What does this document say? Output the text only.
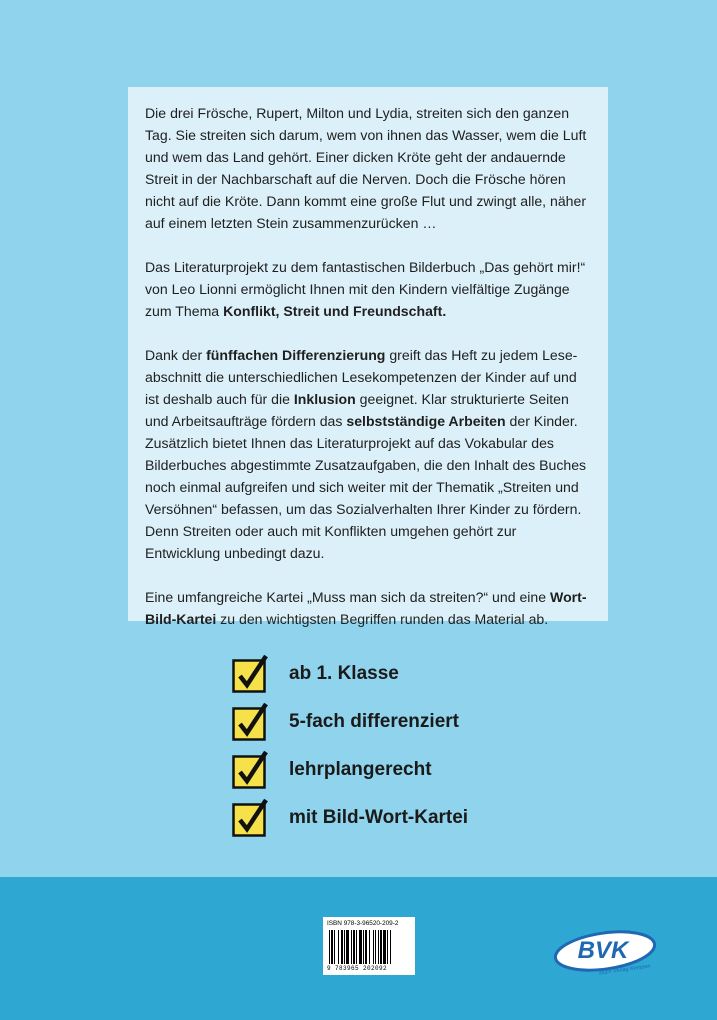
Die drei Frösche, Rupert, Milton und Lydia, streiten sich den ganzen Tag. Sie streiten sich darum, wem von ihnen das Wasser, wem die Luft und wem das Land gehört. Einer dicken Kröte geht der andauernde Streit in der Nachbarschaft auf die Nerven. Doch die Frösche hören nicht auf die Kröte. Dann kommt eine große Flut und zwingt alle, näher auf einem letzten Stein zusammenzurücken …

Das Literaturprojekt zu dem fantastischen Bilderbuch „Das gehört mir!“ von Leo Lionni ermöglicht Ihnen mit den Kindern vielfältige Zugänge zum Thema Konflikt, Streit und Freundschaft.

Dank der fünffachen Differenzierung greift das Heft zu jedem Leseabschnitt die unterschiedlichen Lesekompetenzen der Kinder auf und ist deshalb auch für die Inklusion geeignet. Klar strukturierte Seiten und Arbeitsaufträge fördern das selbstständige Arbeiten der Kinder. Zusätzlich bietet Ihnen das Literaturprojekt auf das Vokabular des Bilderbuches abgestimmte Zusatzaufgaben, die den Inhalt des Buches noch einmal aufgreifen und sich weiter mit der Thematik „Streiten und Versöhnen“ befassen, um das Sozialverhalten Ihrer Kinder zu fördern. Denn Streiten oder auch mit Konflikten umgehen gehört zur Entwicklung unbedingt dazu.

Eine umfangreiche Kartei „Muss man sich da streiten?“ und eine Wort-Bild-Kartei zu den wichtigsten Begriffen runden das Material ab.

ab 1. Klasse
5-fach differenziert
lehrplangerecht
mit Bild-Wort-Kartei
ISBN 978-3-96520-209-2
9 783965 202092
BVK
Buch Verlag Kempen
